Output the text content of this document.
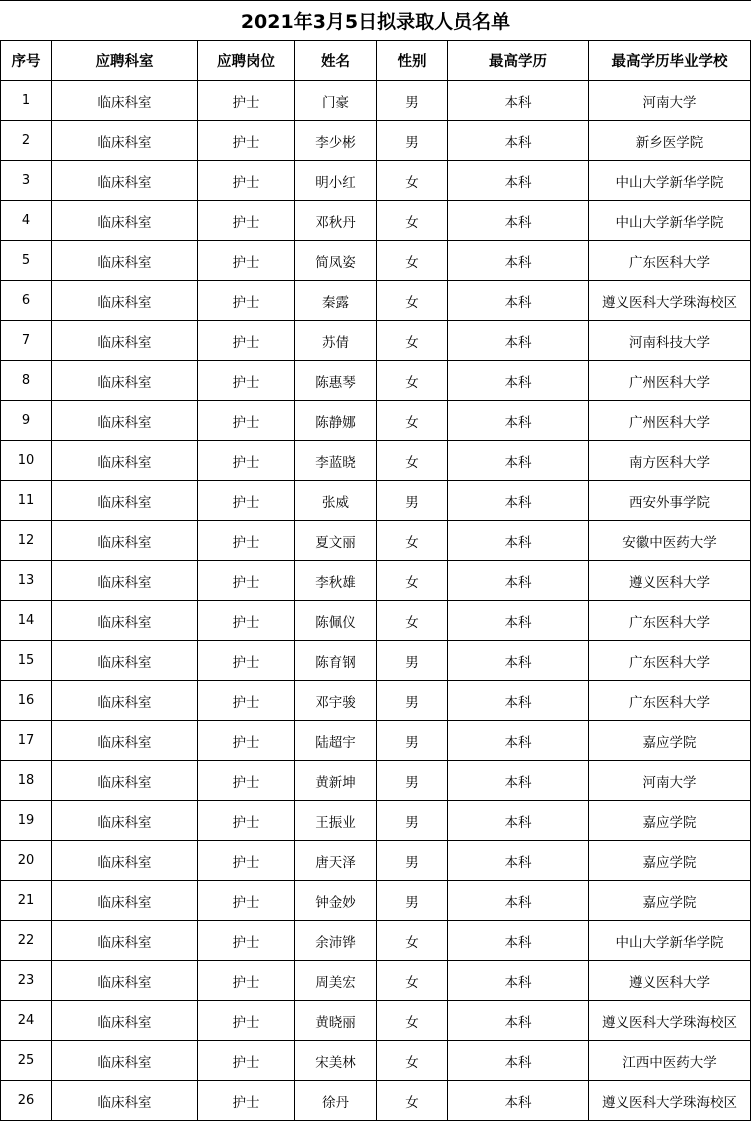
2021年3月5日拟录取人员名单
序号	应聘科室	应聘岗位	姓名	性别	最高学历	最高学历毕业学校
1	临床科室	护士	门豪	男	本科	河南大学
2	临床科室	护士	李少彬	男	本科	新乡医学院
3	临床科室	护士	明小红	女	本科	中山大学新华学院
4	临床科室	护士	邓秋丹	女	本科	中山大学新华学院
5	临床科室	护士	简凤姿	女	本科	广东医科大学
6	临床科室	护士	秦露	女	本科	遵义医科大学珠海校区
7	临床科室	护士	苏倩	女	本科	河南科技大学
8	临床科室	护士	陈惠琴	女	本科	广州医科大学
9	临床科室	护士	陈静娜	女	本科	广州医科大学
10	临床科室	护士	李蓝晓	女	本科	南方医科大学
11	临床科室	护士	张威	男	本科	西安外事学院
12	临床科室	护士	夏文丽	女	本科	安徽中医药大学
13	临床科室	护士	李秋雄	女	本科	遵义医科大学
14	临床科室	护士	陈佩仪	女	本科	广东医科大学
15	临床科室	护士	陈育钢	男	本科	广东医科大学
16	临床科室	护士	邓宇骏	男	本科	广东医科大学
17	临床科室	护士	陆超宇	男	本科	嘉应学院
18	临床科室	护士	黄新坤	男	本科	河南大学
19	临床科室	护士	王振业	男	本科	嘉应学院
20	临床科室	护士	唐天泽	男	本科	嘉应学院
21	临床科室	护士	钟金妙	男	本科	嘉应学院
22	临床科室	护士	余沛铧	女	本科	中山大学新华学院
23	临床科室	护士	周美宏	女	本科	遵义医科大学
24	临床科室	护士	黄晓丽	女	本科	遵义医科大学珠海校区
25	临床科室	护士	宋美林	女	本科	江西中医药大学
26	临床科室	护士	徐丹	女	本科	遵义医科大学珠海校区
